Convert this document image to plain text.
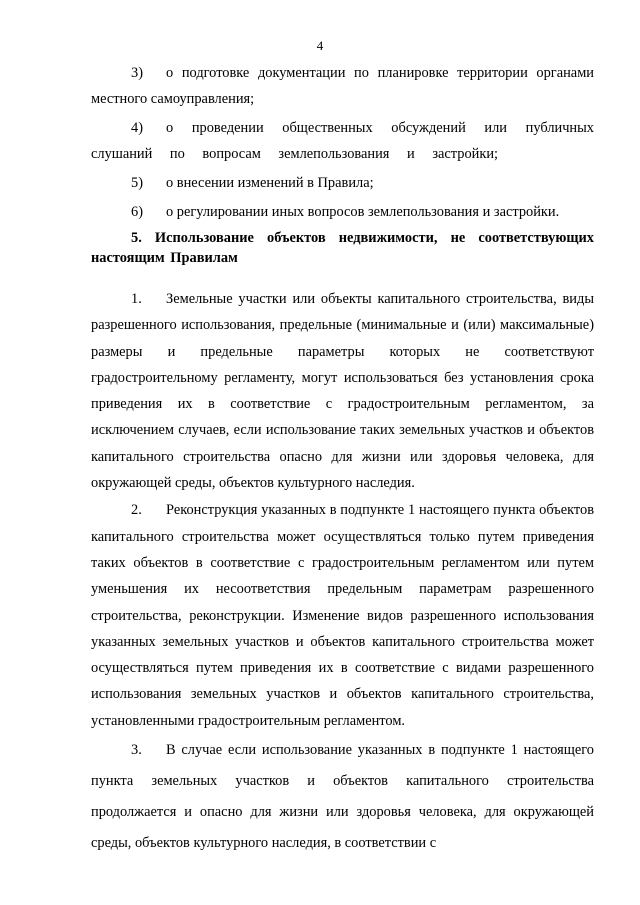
4
3) о подготовке документации по планировке территории органами местного самоуправления;
4) о проведении общественных обсуждений или публичных слушаний по вопросам землепользования и застройки;
5) о внесении изменений в Правила;
6) о регулировании иных вопросов землепользования и застройки.
5. Использование объектов недвижимости, не соответствующих настоящим Правилам
1. Земельные участки или объекты капитального строительства, виды разрешенного использования, предельные (минимальные и (или) максимальные) размеры и предельные параметры которых не соответствуют градостроительному регламенту, могут использоваться без установления срока приведения их в соответствие с градостроительным регламентом, за исключением случаев, если использование таких земельных участков и объектов капитального строительства опасно для жизни или здоровья человека, для окружающей среды, объектов культурного наследия.
2. Реконструкция указанных в подпункте 1 настоящего пункта объектов капитального строительства может осуществляться только путем приведения таких объектов в соответствие с градостроительным регламентом или путем уменьшения их несоответствия предельным параметрам разрешенного строительства, реконструкции. Изменение видов разрешенного использования указанных земельных участков и объектов капитального строительства может осуществляться путем приведения их в соответствие с видами разрешенного использования земельных участков и объектов капитального строительства, установленными градостроительным регламентом.
3. В случае если использование указанных в подпункте 1 настоящего пункта земельных участков и объектов капитального строительства продолжается и опасно для жизни или здоровья человека, для окружающей среды, объектов культурного наследия, в соответствии с
